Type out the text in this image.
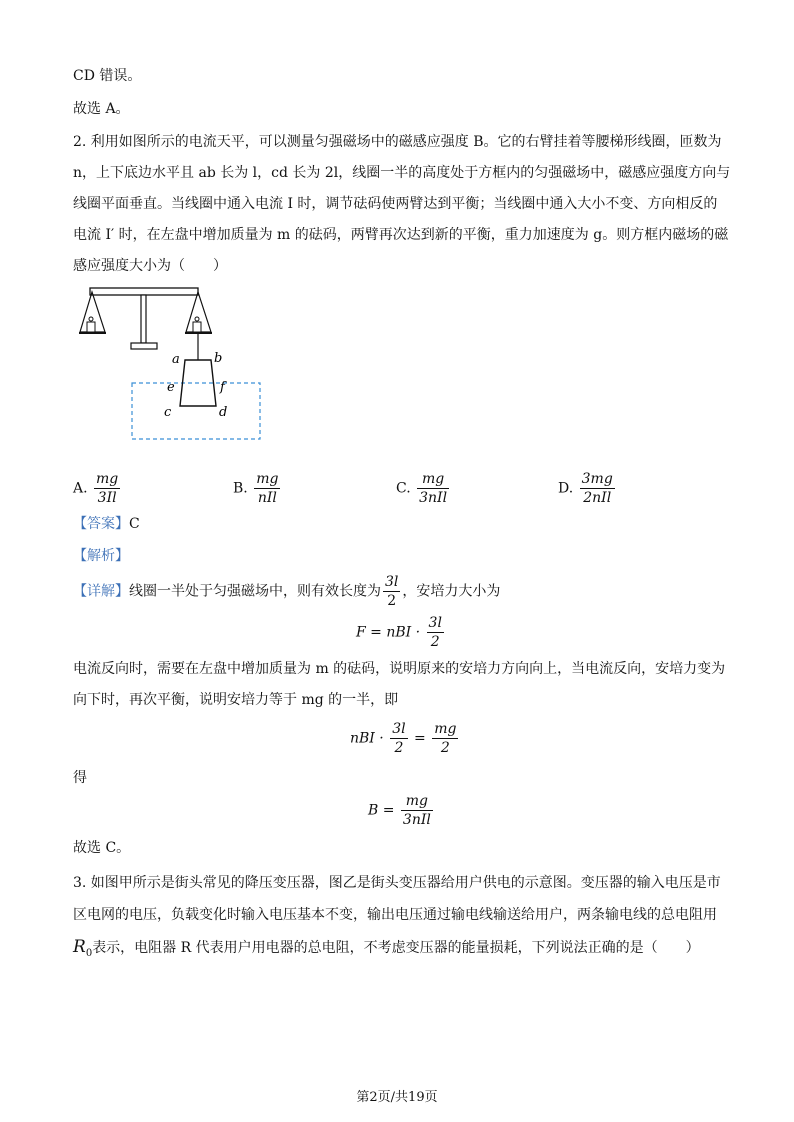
CD 错误。
故选 A。
2. 利用如图所示的电流天平，可以测量匀强磁场中的磁感应强度 B。它的右臂挂着等腰梯形线圈，匝数为
n，上下底边水平且 ab 长为 l，cd 长为 2l，线圈一半的高度处于方框内的匀强磁场中，磁感应强度方向与
线圈平面垂直。当线圈中通入电流 I 时，调节砝码使两臂达到平衡；当线圈中通入大小不变、方向相反的
电流 I′ 时，在左盘中增加质量为 m 的砝码，两臂再次达到新的平衡，重力加速度为 g。则方框内磁场的磁
感应强度大小为（　　）
a	b
e	f
c	d
A. $\frac{mg}{3Il}$	B. $\frac{mg}{\text{nIl}}$	C. $\frac{mg}{\text{3nIl}}$	D. $\frac{3mg}{\text{2nIl}}$
【答案】C
【解析】
【详解】线圈一半处于匀强磁场中，则有效长度为 $\frac{3l}{2}$ ，安培力大小为
F = nBI · $\frac{3l}{2}$
电流反向时，需要在左盘中增加质量为 m 的砝码，说明原来的安培力方向向上，当电流反向，安培力变为
向下时，再次平衡，说明安培力等于 mg 的一半，即
nBI · $\frac{3l}{2} = \frac{mg}{2}$
得
$B = \frac{mg}{\text{3nIl}}$
故选 C。
3. 如图甲所示是街头常见的降压变压器，图乙是街头变压器给用户供电的示意图。变压器的输入电压是市
区电网的电压，负载变化时输入电压基本不变，输出电压通过输电线输送给用户，两条输电线的总电阻用
$R_0$表示，电阻器 R 代表用户用电器的总电阻，不考虑变压器的能量损耗，下列说法正确的是（　　）
第2页/共19页
